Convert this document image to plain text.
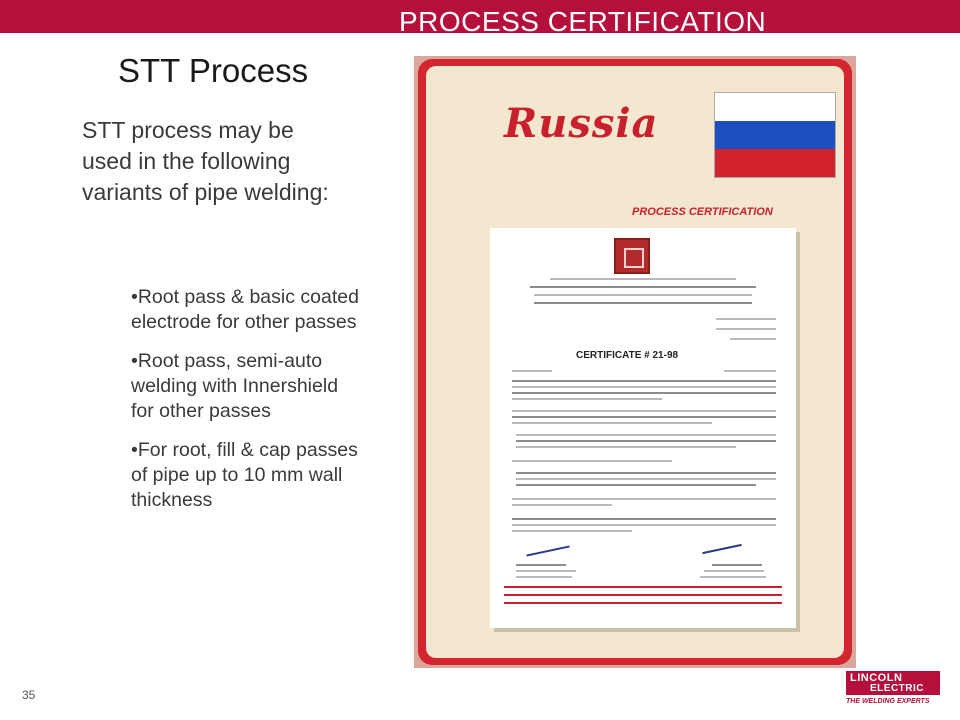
PROCESS CERTIFICATION
STT Process
STT process may be used in the following variants of pipe welding:
•Root pass & basic coated electrode for other passes
•Root pass, semi-auto welding with Innershield for other passes
•For root, fill & cap passes of pipe up to 10 mm wall thickness
Russia
PROCESS CERTIFICATION
CERTIFICATE # 21-98
35
LINCOLN
ELECTRIC
THE WELDING EXPERTS
